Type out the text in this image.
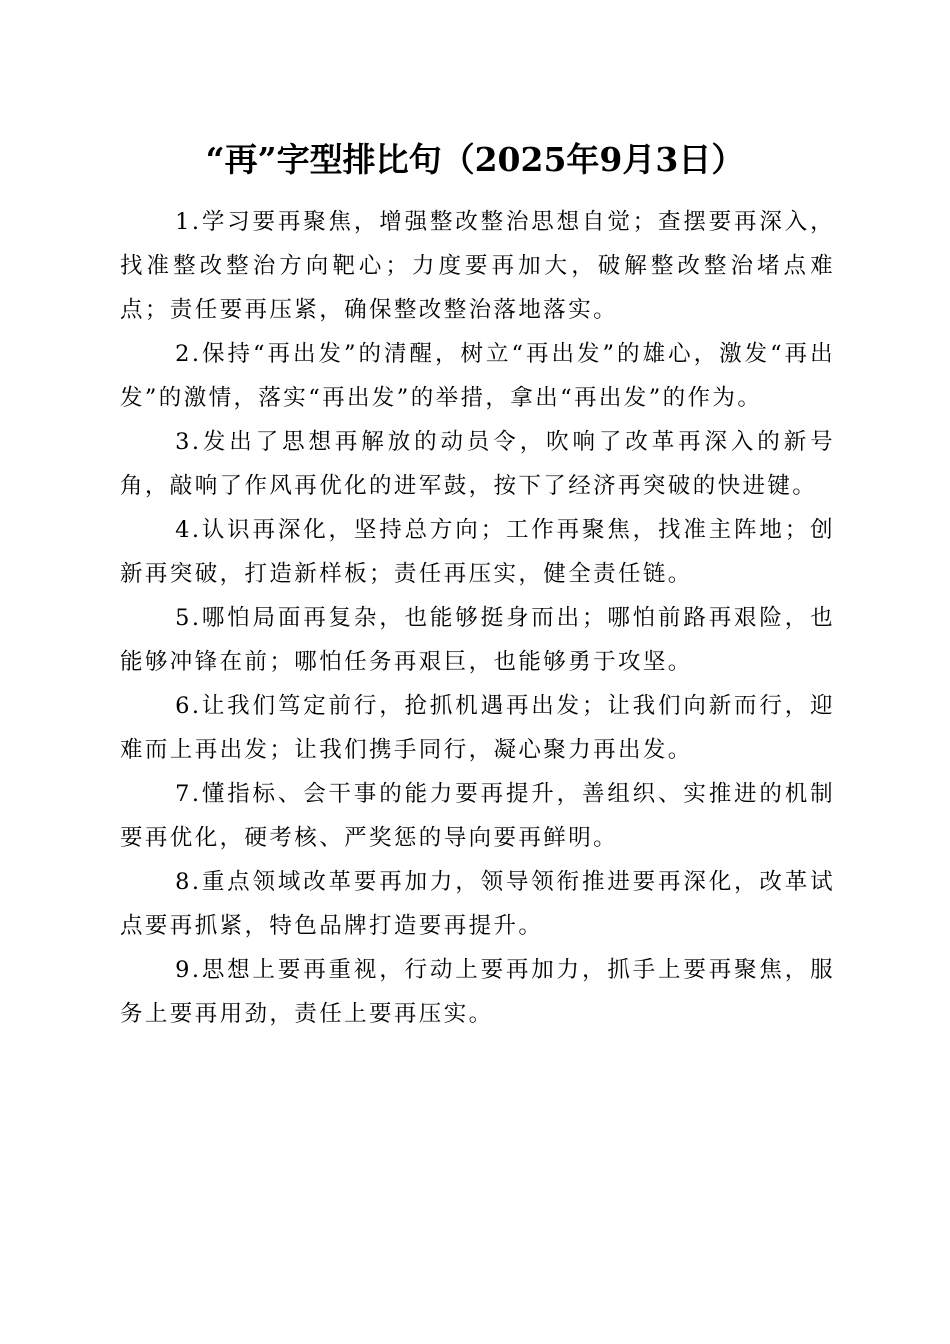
“再”字型排比句（2025年9月3日）

1.学习要再聚焦，增强整改整治思想自觉；查摆要再深入，找准整改整治方向靶心；力度要再加大，破解整改整治堵点难点；责任要再压紧，确保整改整治落地落实。

2.保持“再出发”的清醒，树立“再出发”的雄心，激发“再出发”的激情，落实“再出发”的举措，拿出“再出发”的作为。

3.发出了思想再解放的动员令，吹响了改革再深入的新号角，敲响了作风再优化的进军鼓，按下了经济再突破的快进键。

4.认识再深化，坚持总方向；工作再聚焦，找准主阵地；创新再突破，打造新样板；责任再压实，健全责任链。

5.哪怕局面再复杂，也能够挺身而出；哪怕前路再艰险，也能够冲锋在前；哪怕任务再艰巨，也能够勇于攻坚。

6.让我们笃定前行，抢抓机遇再出发；让我们向新而行，迎难而上再出发；让我们携手同行，凝心聚力再出发。

7.懂指标、会干事的能力要再提升，善组织、实推进的机制要再优化，硬考核、严奖惩的导向要再鲜明。

8.重点领域改革要再加力，领导领衔推进要再深化，改革试点要再抓紧，特色品牌打造要再提升。

9.思想上要再重视，行动上要再加力，抓手上要再聚焦，服务上要再用劲，责任上要再压实。
